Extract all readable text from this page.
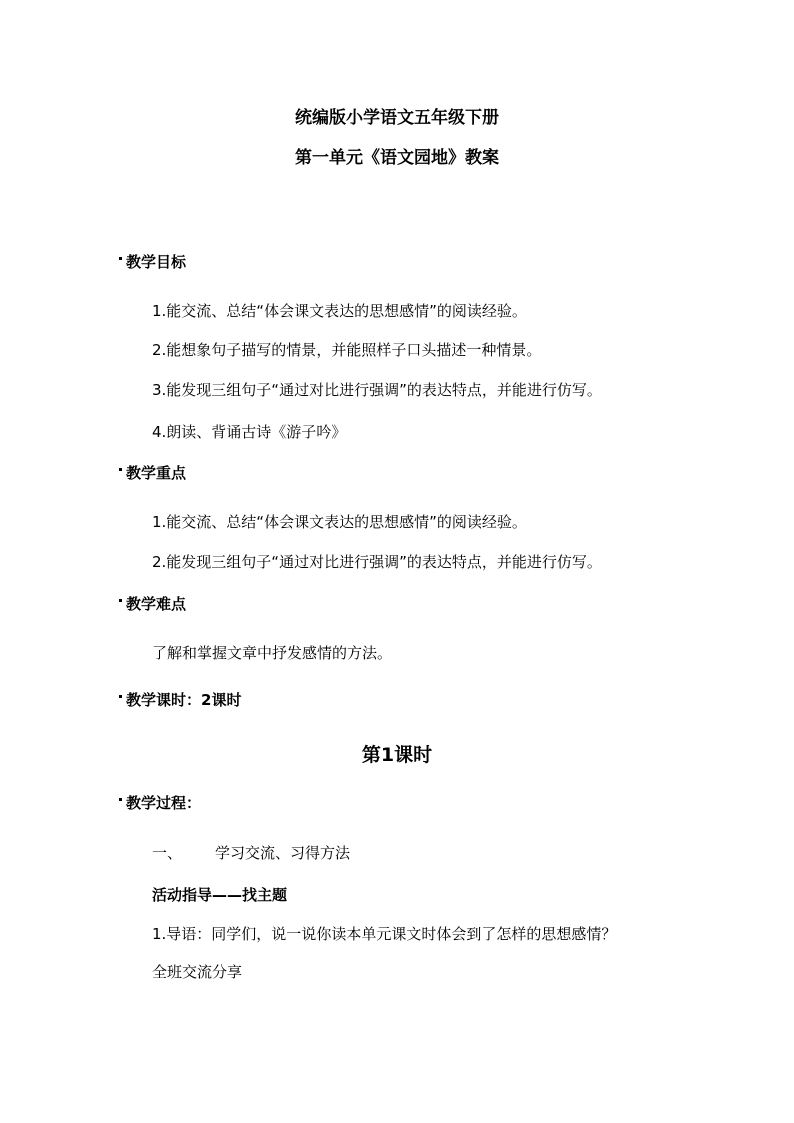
统编版小学语文五年级下册
第一单元《语文园地》教案
教学目标
1.能交流、总结“体会课文表达的思想感情”的阅读经验。
2.能想象句子描写的情景，并能照样子口头描述一种情景。
3.能发现三组句子“通过对比进行强调”的表达特点，并能进行仿写。
4.朗读、背诵古诗《游子吟》
教学重点
1.能交流、总结“体会课文表达的思想感情”的阅读经验。
2.能发现三组句子“通过对比进行强调”的表达特点，并能进行仿写。
教学难点
了解和掌握文章中抒发感情的方法。
教学课时：2课时
第1课时
教学过程：
一、 学习交流、习得方法
活动指导——找主题
1.导语：同学们，说一说你读本单元课文时体会到了怎样的思想感情？
全班交流分享
